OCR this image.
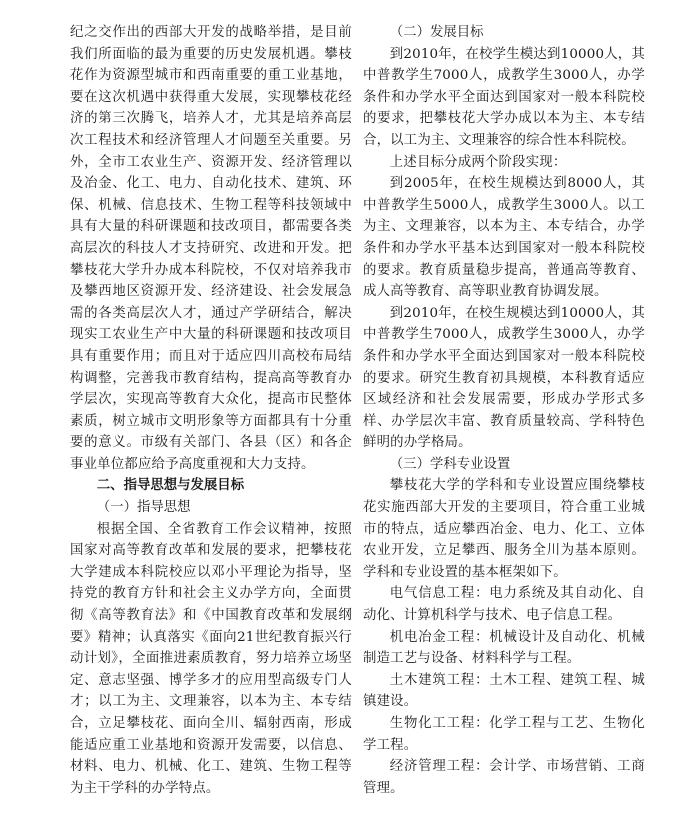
纪之交作出的西部大开发的战略举措，是目前我们所面临的最为重要的历史发展机遇。攀枝花作为资源型城市和西南重要的重工业基地，要在这次机遇中获得重大发展，实现攀枝花经济的第三次腾飞，培养人才，尤其是培养高层次工程技术和经济管理人才问题至关重要。另外，全市工农业生产、资源开发、经济管理以及冶金、化工、电力、自动化技术、建筑、环保、机械、信息技术、生物工程等科技领域中具有大量的科研课题和技改项目，都需要各类高层次的科技人才支持研究、改进和开发。把攀枝花大学升办成本科院校，不仅对培养我市及攀西地区资源开发、经济建设、社会发展急需的各类高层次人才，通过产学研结合，解决现实工农业生产中大量的科研课题和技改项目具有重要作用；而且对于适应四川高校布局结构调整，完善我市教育结构，提高高等教育办学层次，实现高等教育大众化，提高市民整体素质，树立城市文明形象等方面都具有十分重要的意义。市级有关部门、各县（区）和各企事业单位都应给予高度重视和大力支持。

二、指导思想与发展目标

（一）指导思想

根据全国、全省教育工作会议精神，按照国家对高等教育改革和发展的要求，把攀枝花大学建成本科院校应以邓小平理论为指导，坚持党的教育方针和社会主义办学方向，全面贯彻《高等教育法》和《中国教育改革和发展纲要》精神；认真落实《面向21世纪教育振兴行动计划》，全面推进素质教育，努力培养立场坚定、意志坚强、博学多才的应用型高级专门人才；以工为主、文理兼容，以本为主、本专结合，立足攀枝花、面向全川、辐射西南，形成能适应重工业基地和资源开发需要，以信息、材料、电力、机械、化工、建筑、生物工程等为主干学科的办学特点。

（二）发展目标

到2010年，在校学生模达到10000人，其中普教学生7000人，成教学生3000人，办学条件和办学水平全面达到国家对一般本科院校的要求，把攀枝花大学办成以本为主、本专结合，以工为主、文理兼容的综合性本科院校。

上述目标分成两个阶段实现：

到2005年，在校生规模达到8000人，其中普教学生5000人，成教学生3000人。以工为主、文理兼容，以本为主、本专结合，办学条件和办学水平基本达到国家对一般本科院校的要求。教育质量稳步提高，普通高等教育、成人高等教育、高等职业教育协调发展。

到2010年，在校生规模达到10000人，其中普教学生7000人，成教学生3000人，办学条件和办学水平全面达到国家对一般本科院校的要求。研究生教育初具规模，本科教育适应区域经济和社会发展需要，形成办学形式多样、办学层次丰富、教育质量较高、学科特色鲜明的办学格局。

（三）学科专业设置

攀枝花大学的学科和专业设置应围绕攀枝花实施西部大开发的主要项目，符合重工业城市的特点，适应攀西冶金、电力、化工、立体农业开发，立足攀西、服务全川为基本原则。学科和专业设置的基本框架如下。

电气信息工程：电力系统及其自动化、自动化、计算机科学与技术、电子信息工程。

机电冶金工程：机械设计及自动化、机械制造工艺与设备、材料科学与工程。

土木建筑工程：土木工程、建筑工程、城镇建设。

生物化工工程：化学工程与工艺、生物化学工程。

经济管理工程：会计学、市场营销、工商管理。
